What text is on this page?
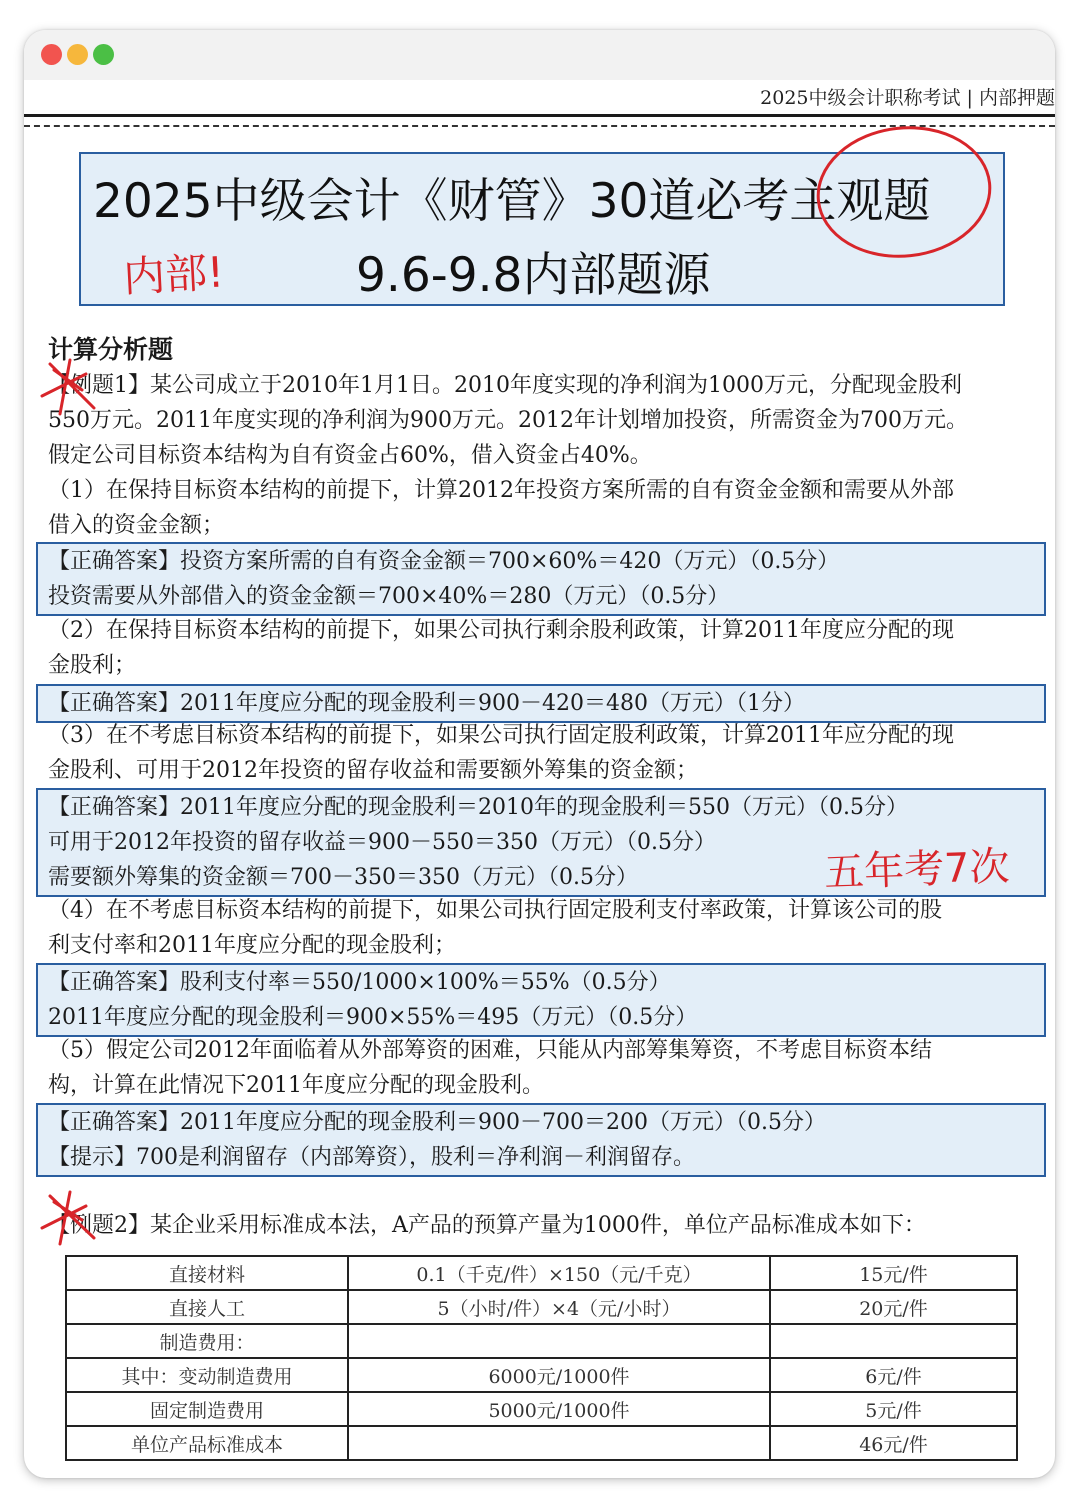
2025中级会计职称考试 | 内部押题
2025中级会计《财管》30道必考主观题
内部!	9.6-9.8内部题源
计算分析题
【例题1】某公司成立于2010年1月1日。2010年度实现的净利润为1000万元，分配现金股利
550万元。2011年度实现的净利润为900万元。2012年计划增加投资，所需资金为700万元。
假定公司目标资本结构为自有资金占60%，借入资金占40%。
（1）在保持目标资本结构的前提下，计算2012年投资方案所需的自有资金金额和需要从外部
借入的资金金额；
【正确答案】投资方案所需的自有资金金额＝700×60%＝420（万元）（0.5分）
投资需要从外部借入的资金金额＝700×40%＝280（万元）（0.5分）
（2）在保持目标资本结构的前提下，如果公司执行剩余股利政策，计算2011年度应分配的现
金股利；
【正确答案】2011年度应分配的现金股利＝900－420＝480（万元）（1分）
（3）在不考虑目标资本结构的前提下，如果公司执行固定股利政策，计算2011年应分配的现
金股利、可用于2012年投资的留存收益和需要额外筹集的资金额；
【正确答案】2011年度应分配的现金股利＝2010年的现金股利＝550（万元）（0.5分）
可用于2012年投资的留存收益＝900－550＝350（万元）（0.5分）
需要额外筹集的资金额＝700－350＝350（万元）（0.5分）	五年考7次
（4）在不考虑目标资本结构的前提下，如果公司执行固定股利支付率政策，计算该公司的股
利支付率和2011年度应分配的现金股利；
【正确答案】股利支付率＝550/1000×100%＝55%（0.5分）
2011年度应分配的现金股利＝900×55%＝495（万元）（0.5分）
（5）假定公司2012年面临着从外部筹资的困难，只能从内部筹集筹资，不考虑目标资本结
构，计算在此情况下2011年度应分配的现金股利。
【正确答案】2011年度应分配的现金股利＝900－700＝200（万元）（0.5分）
【提示】700是利润留存（内部筹资），股利＝净利润－利润留存。
【例题2】某企业采用标准成本法，A产品的预算产量为1000件，单位产品标准成本如下：
直接材料	0.1（千克/件）×150（元/千克）	15元/件
直接人工	5（小时/件）×4（元/小时）	20元/件
制造费用：		
其中：变动制造费用	6000元/1000件	6元/件
固定制造费用	5000元/1000件	5元/件
单位产品标准成本		46元/件
